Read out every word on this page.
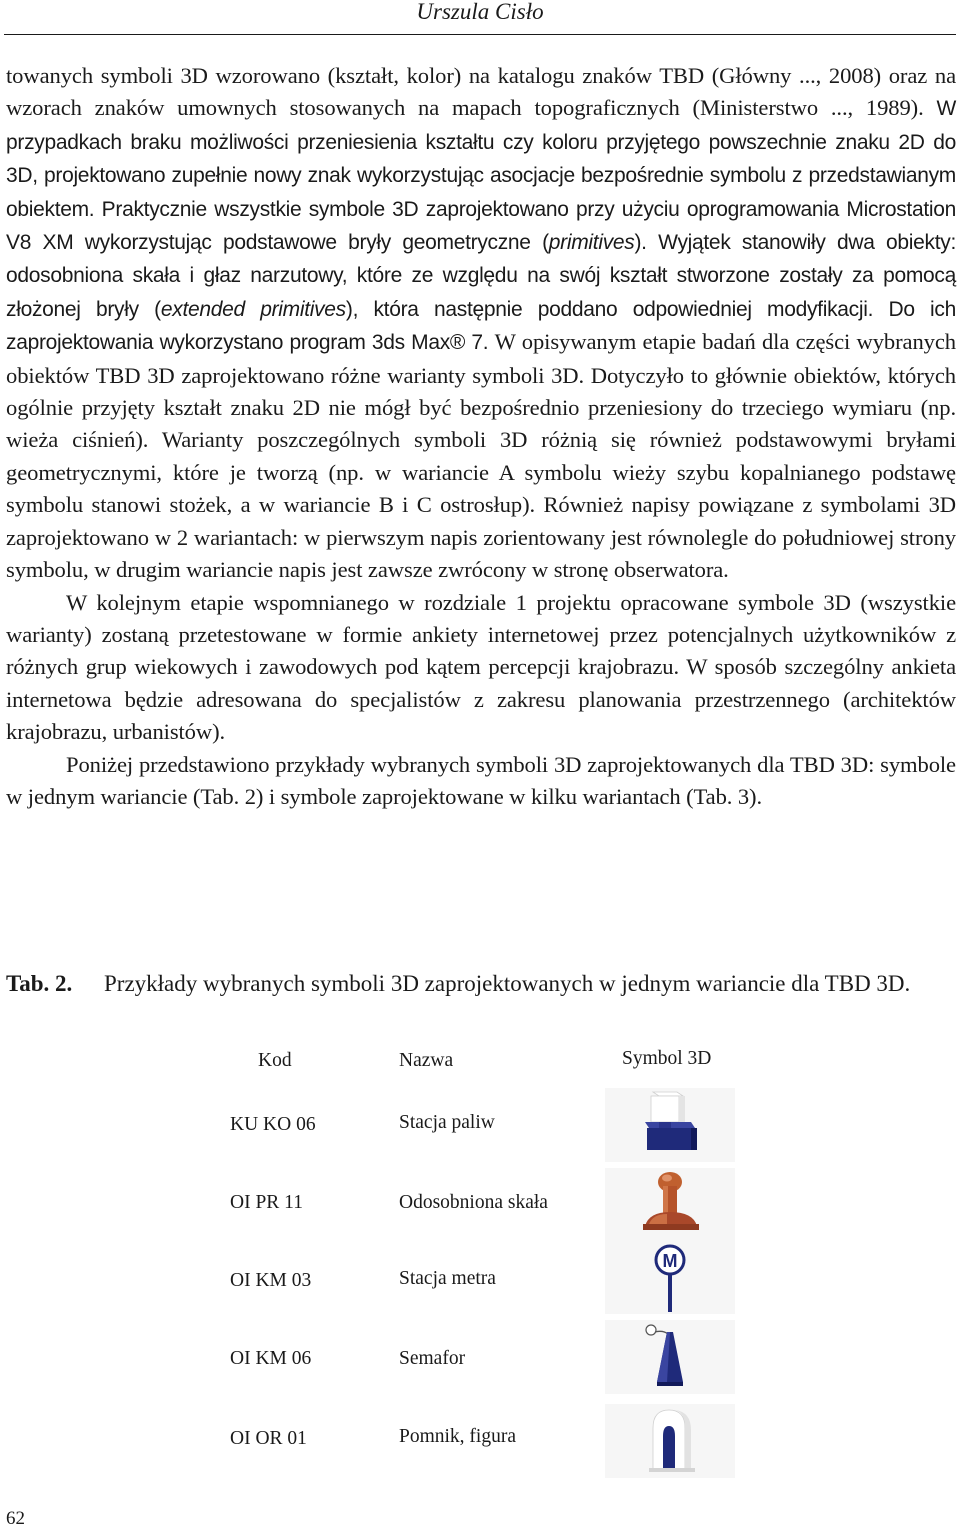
Urszula Cisło

towanych symboli 3D wzorowano (kształt, kolor) na katalogu znaków TBD (Główny ..., 2008) oraz na wzorach znaków umownych stosowanych na mapach topograficznych (Ministerstwo ..., 1989). W przypadkach braku możliwości przeniesienia kształtu czy koloru przyjętego powszechnie znaku 2D do 3D, projektowano zupełnie nowy znak wykorzystując asocjacje bezpośrednie symbolu z przedstawianym obiektem. Praktycznie wszystkie symbole 3D zaprojektowano przy użyciu oprogramowania Microstation V8 XM wykorzystując podstawowe bryły geometryczne (primitives). Wyjątek stanowiły dwa obiekty: odosobniona skała i głaz narzutowy, które ze względu na swój kształt stworzone zostały za pomocą złożonej bryły (extended primitives), która następnie poddano odpowiedniej modyfikacji. Do ich zaprojektowania wykorzystano program 3ds Max® 7. W opisywanym etapie badań dla części wybranych obiektów TBD 3D zaprojektowano różne warianty symboli 3D. Dotyczyło to głównie obiektów, których ogólnie przyjęty kształt znaku 2D nie mógł być bezpośrednio przeniesiony do trzeciego wymiaru (np. wieża ciśnień). Warianty poszczególnych symboli 3D różnią się również podstawowymi bryłami geometrycznymi, które je tworzą (np. w wariancie A symbolu wieży szybu kopalnianego podstawę symbolu stanowi stożek, a w wariancie B i C ostrosłup). Również napisy powiązane z symbolami 3D zaprojektowano w 2 wariantach: w pierwszym napis zorientowany jest równolegle do południowej strony symbolu, w drugim wariancie napis jest zawsze zwrócony w stronę obserwatora.

W kolejnym etapie wspomnianego w rozdziale 1 projektu opracowane symbole 3D (wszystkie warianty) zostaną przetestowane w formie ankiety internetowej przez potencjalnych użytkowników z różnych grup wiekowych i zawodowych pod kątem percepcji krajobrazu. W sposób szczególny ankieta internetowa będzie adresowana do specjalistów z zakresu planowania przestrzennego (architektów krajobrazu, urbanistów).

Poniżej przedstawiono przykłady wybranych symboli 3D zaprojektowanych dla TBD 3D: symbole w jednym wariancie (Tab. 2) i symbole zaprojektowane w kilku wariantach (Tab. 3).

Tab. 2. Przykłady wybranych symboli 3D zaprojektowanych w jednym wariancie dla TBD 3D.
Kod	Nazwa	Symbol 3D
KU KO 06	Stacja paliw
OI PR 11	Odosobniona skała
OI KM 03	Stacja metra
M
OI KM 06	Semafor
OI OR 01	Pomnik, figura
62
